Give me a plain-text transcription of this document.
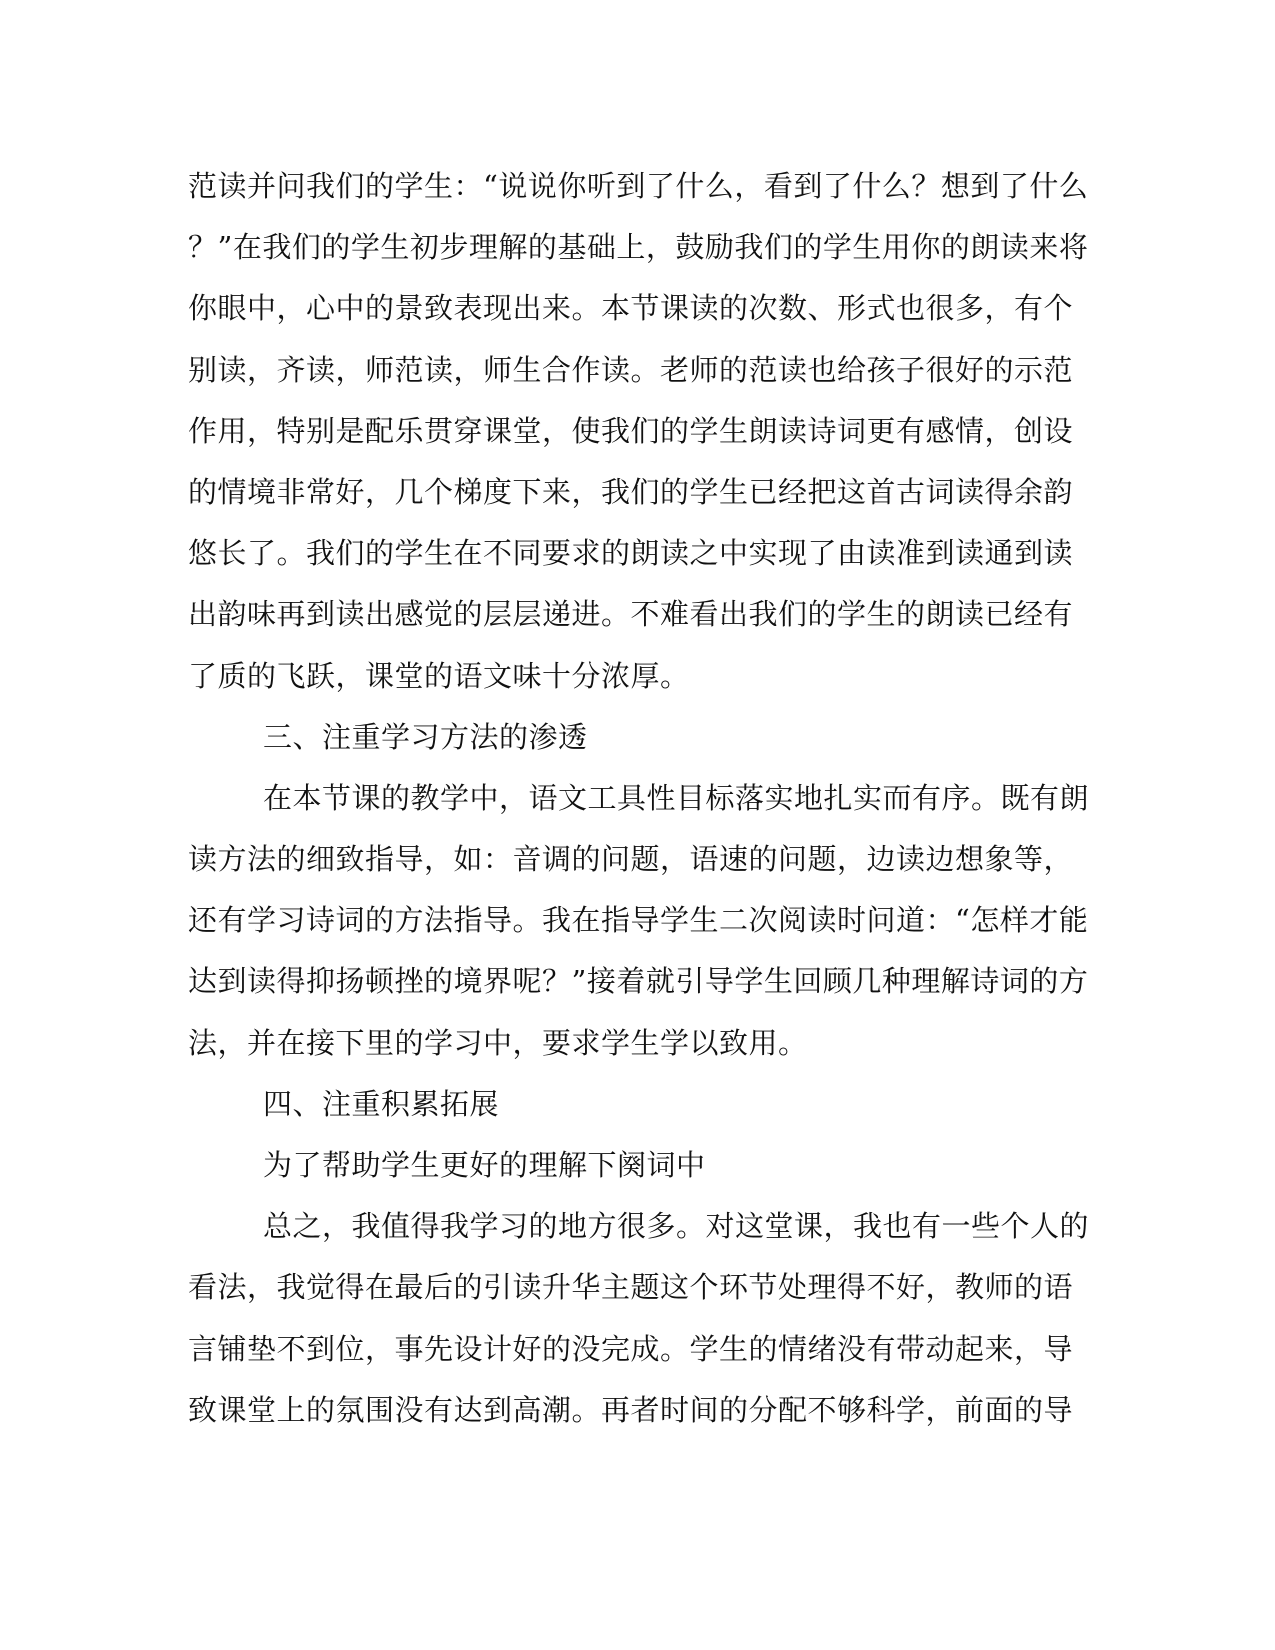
范读并问我们的学生：“说说你听到了什么，看到了什么？想到了什么
？”在我们的学生初步理解的基础上，鼓励我们的学生用你的朗读来将
你眼中，心中的景致表现出来。本节课读的次数、形式也很多，有个
别读，齐读，师范读，师生合作读。老师的范读也给孩子很好的示范
作用，特别是配乐贯穿课堂，使我们的学生朗读诗词更有感情，创设
的情境非常好，几个梯度下来，我们的学生已经把这首古词读得余韵
悠长了。我们的学生在不同要求的朗读之中实现了由读准到读通到读
出韵味再到读出感觉的层层递进。不难看出我们的学生的朗读已经有
了质的飞跃，课堂的语文味十分浓厚。
三、注重学习方法的渗透
在本节课的教学中，语文工具性目标落实地扎实而有序。既有朗
读方法的细致指导，如：音调的问题，语速的问题，边读边想象等，
还有学习诗词的方法指导。我在指导学生二次阅读时问道：“怎样才能
达到读得抑扬顿挫的境界呢？”接着就引导学生回顾几种理解诗词的方
法，并在接下里的学习中，要求学生学以致用。
四、注重积累拓展
为了帮助学生更好的理解下阕词中
总之，我值得我学习的地方很多。对这堂课，我也有一些个人的
看法，我觉得在最后的引读升华主题这个环节处理得不好，教师的语
言铺垫不到位，事先设计好的没完成。学生的情绪没有带动起来，导
致课堂上的氛围没有达到高潮。再者时间的分配不够科学，前面的导
